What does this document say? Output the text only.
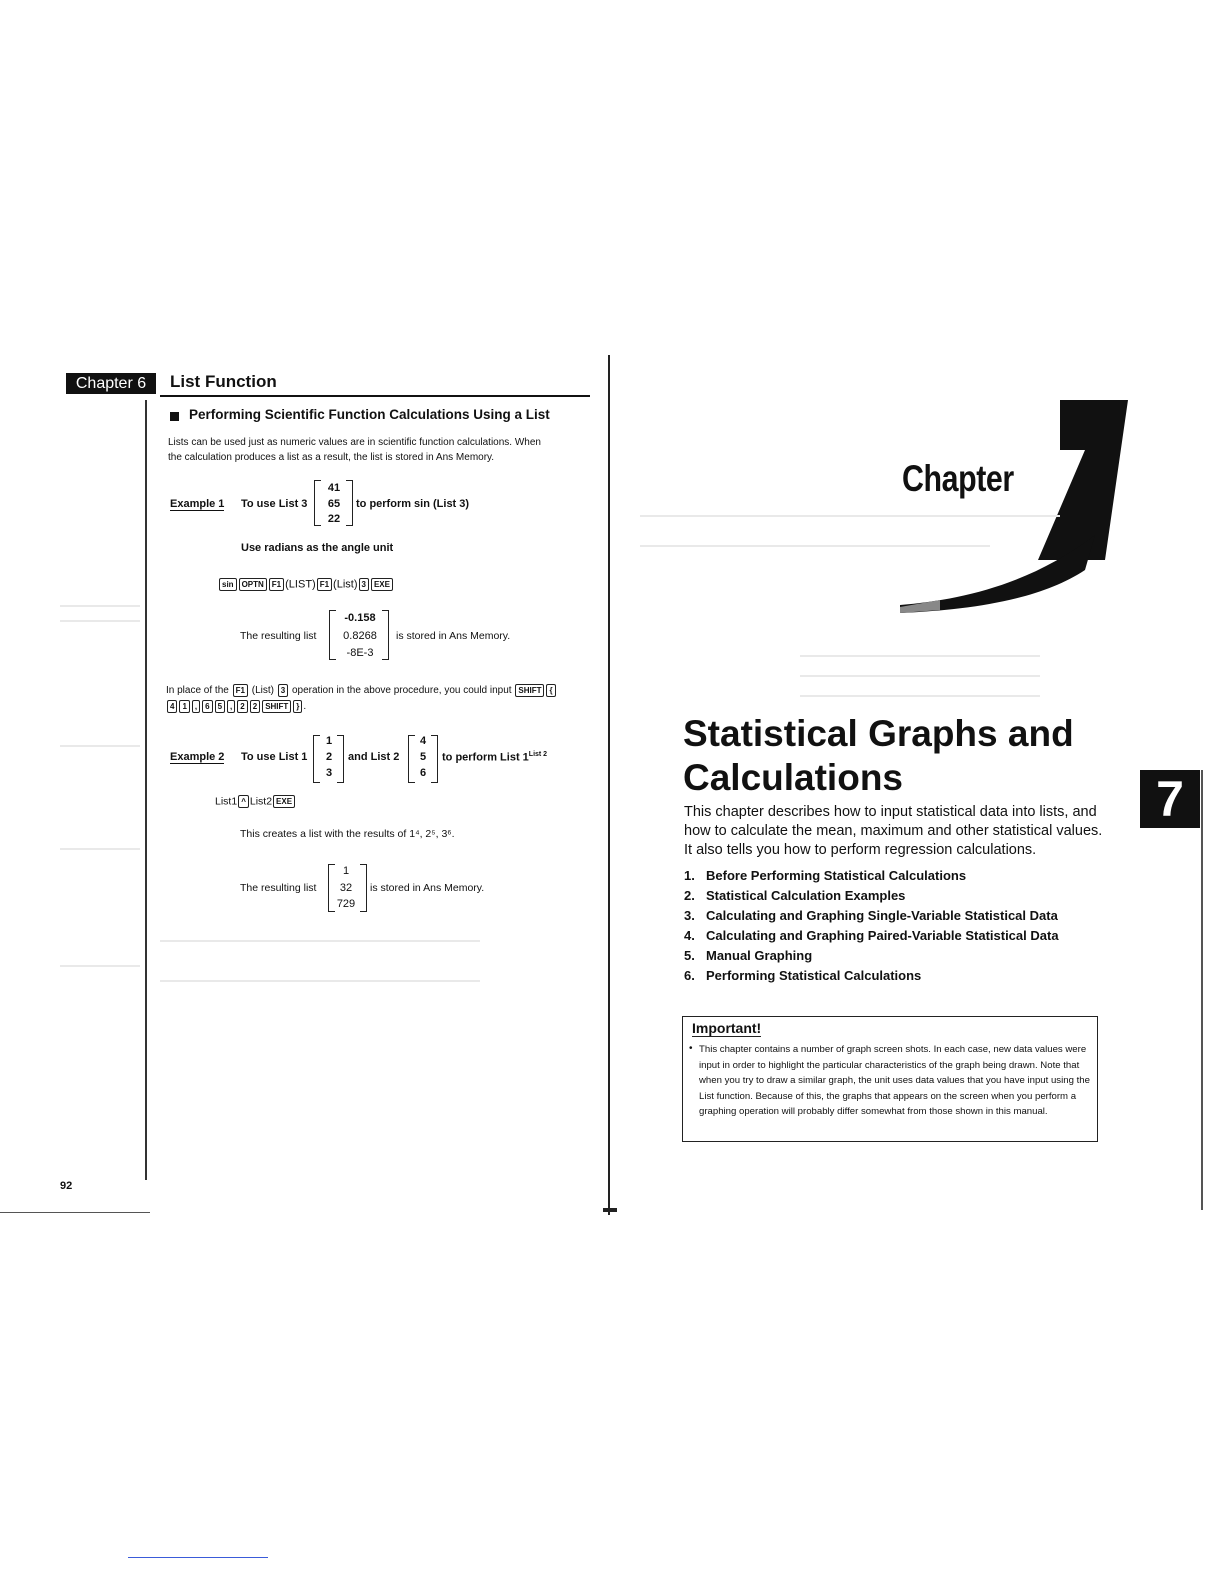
Chapter 6	List Function
Performing Scientific Function Calculations Using a List
Lists can be used just as numeric values are in scientific function calculations. When
the calculation produces a list as a result, the list is stored in Ans Memory.
Example 1 To use List 3
41
65
22
to perform sin (List 3)
Use radians as the angle unit
sin OPTN F1 (LIST) F1 (List) 3 EXE
The resulting list
-0.158
0.8268
-8E-3
is stored in Ans Memory.
In place of the F1 (List) 3 operation in the above procedure, you could input SHIFT {
4 1 , 6 5 , 2 2 SHIFT } .
Example 2 To use List 1
1
2
3
and List 2
4
5
6
to perform List $1^{List 2}$
List1 ^ List2 EXE
This creates a list with the results of 1⁴, 2⁵, 3⁶.
The resulting list
1
32
729
is stored in Ans Memory.
92
Chapter
Statistical Graphs and
Calculations
This chapter describes how to input statistical data into lists, and how to calculate the mean, maximum and other statistical values. It also tells you how to perform regression calculations.
1. Before Performing Statistical Calculations
2. Statistical Calculation Examples
3. Calculating and Graphing Single-Variable Statistical Data
4. Calculating and Graphing Paired-Variable Statistical Data
5. Manual Graphing
6. Performing Statistical Calculations
Important!
• This chapter contains a number of graph screen shots. In each case, new data values were input in order to highlight the particular characteristics of the graph being drawn. Note that when you try to draw a similar graph, the unit uses data values that you have input using the List function. Because of this, the graphs that appears on the screen when you perform a graphing operation will probably differ somewhat from those shown in this manual.
7
